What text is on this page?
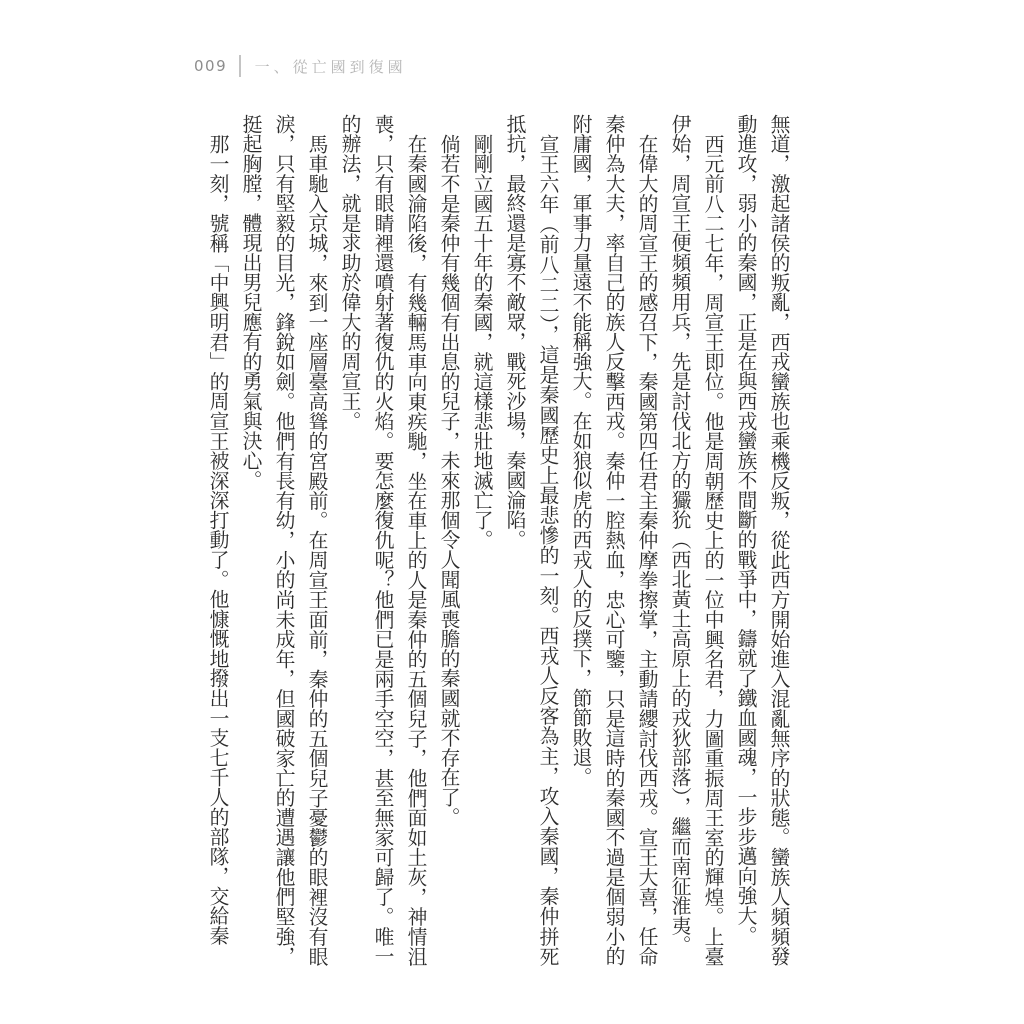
009 一、從亡國到復國

無道，激起諸侯的叛亂，西戎蠻族也乘機反叛，從此西方開始進入混亂無序的狀態。蠻族人頻頻發動進攻，弱小的秦國，正是在與西戎蠻族不間斷的戰爭中，鑄就了鐵血國魂，一步步邁向強大。

西元前八二七年，周宣王即位。他是周朝歷史上的一位中興名君，力圖重振周王室的輝煌。上臺伊始，周宣王便頻頻用兵，先是討伐北方的玁狁（西北黃土高原上的戎狄部落），繼而南征淮夷。

在偉大的周宣王的感召下，秦國第四任君主秦仲摩拳擦掌，主動請纓討伐西戎。宣王大喜，任命秦仲為大夫，率自己的族人反擊西戎。秦仲一腔熱血，忠心可鑒，只是這時的秦國不過是個弱小的附庸國，軍事力量遠不能稱強大。在如狼似虎的西戎人的反撲下，節節敗退。

宣王六年（前八二二），這是秦國歷史上最悲慘的一刻。西戎人反客為主，攻入秦國，秦仲拼死抵抗，最終還是寡不敵眾，戰死沙場，秦國淪陷。

剛剛立國五十年的秦國，就這樣悲壯地滅亡了。

倘若不是秦仲有幾個有出息的兒子，未來那個令人聞風喪膽的秦國就不存在了。

在秦國淪陷後，有幾輛馬車向東疾馳，坐在車上的人是秦仲的五個兒子，他們面如土灰，神情沮喪，只有眼睛裡還噴射著復仇的火焰。要怎麼復仇呢？他們已是兩手空空，甚至無家可歸了。唯一的辦法，就是求助於偉大的周宣王。

馬車馳入京城，來到一座層臺高聳的宮殿前。在周宣王面前，秦仲的五個兒子憂鬱的眼裡沒有眼淚，只有堅毅的目光，鋒銳如劍。他們有長有幼，小的尚未成年，但國破家亡的遭遇讓他們堅強，挺起胸膛，體現出男兒應有的勇氣與決心。

那一刻，號稱「中興明君」的周宣王被深深打動了。他慷慨地撥出一支七千人的部隊，交給秦
